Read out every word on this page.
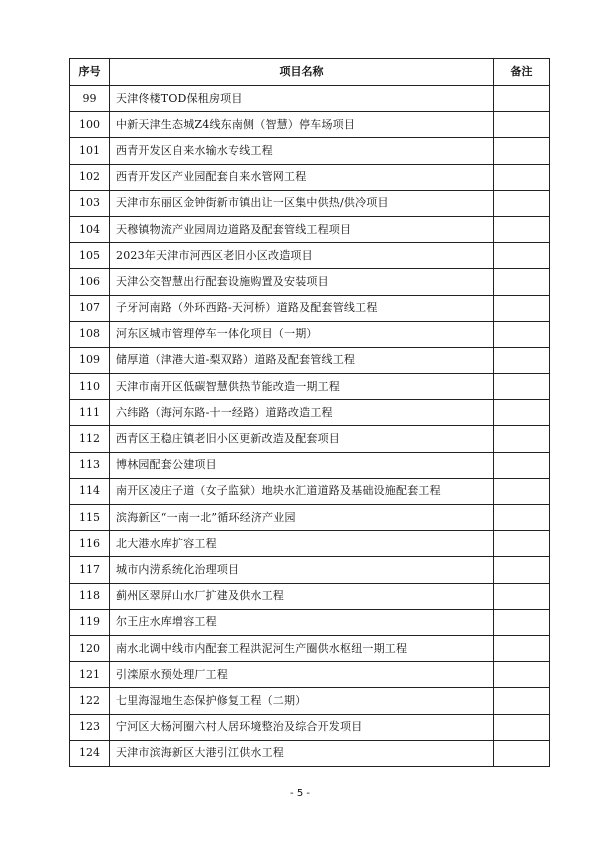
序号	项目名称	备注
99	天津佟楼TOD保租房项目	
100	中新天津生态城Z4线东南侧（智慧）停车场项目	
101	西青开发区自来水输水专线工程	
102	西青开发区产业园配套自来水管网工程	
103	天津市东丽区金钟街新市镇出让一区集中供热/供冷项目	
104	天穆镇物流产业园周边道路及配套管线工程项目	
105	2023年天津市河西区老旧小区改造项目	
106	天津公交智慧出行配套设施购置及安装项目	
107	子牙河南路（外环西路-天河桥）道路及配套管线工程	
108	河东区城市管理停车一体化项目（一期）	
109	储厚道（津港大道-梨双路）道路及配套管线工程	
110	天津市南开区低碳智慧供热节能改造一期工程	
111	六纬路（海河东路-十一经路）道路改造工程	
112	西青区王稳庄镇老旧小区更新改造及配套项目	
113	博林园配套公建项目	
114	南开区凌庄子道（女子监狱）地块水汇道道路及基础设施配套工程	
115	滨海新区“一南一北”循环经济产业园	
116	北大港水库扩容工程	
117	城市内涝系统化治理项目	
118	蓟州区翠屏山水厂扩建及供水工程	
119	尔王庄水库增容工程	
120	南水北调中线市内配套工程洪泥河生产圈供水枢纽一期工程	
121	引滦原水预处理厂工程	
122	七里海湿地生态保护修复工程（二期）	
123	宁河区大杨河圈六村人居环境整治及综合开发项目	
124	天津市滨海新区大港引江供水工程	
- 5 -
